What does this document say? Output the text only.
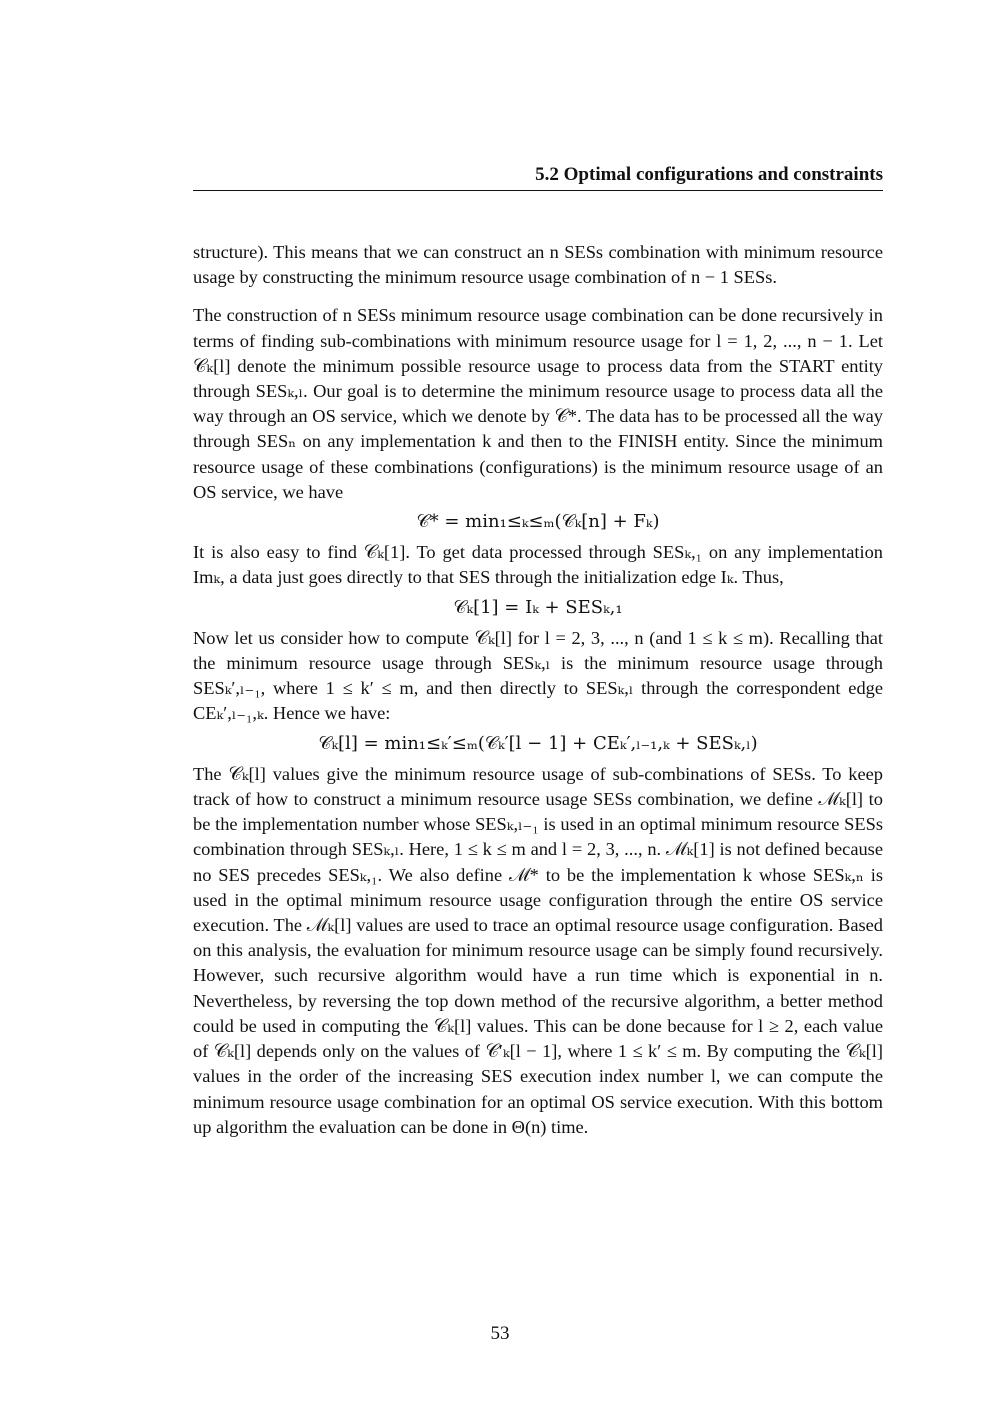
5.2 Optimal configurations and constraints

structure). This means that we can construct an n SESs combination with minimum resource usage by constructing the minimum resource usage combination of n − 1 SESs.

The construction of n SESs minimum resource usage combination can be done recursively in terms of finding sub-combinations with minimum resource usage for l = 1, 2, ..., n − 1. Let 𝒞ₖ[l] denote the minimum possible resource usage to process data from the START entity through SESₖ,ₗ. Our goal is to determine the minimum resource usage to process data all the way through an OS service, which we denote by 𝒞*. The data has to be processed all the way through SESₙ on any implementation k and then to the FINISH entity. Since the minimum resource usage of these combinations (configurations) is the minimum resource usage of an OS service, we have

𝒞* = min₁≤ₖ≤ₘ(𝒞ₖ[n] + Fₖ)

It is also easy to find 𝒞ₖ[1]. To get data processed through SESₖ,₁ on any implementation Imₖ, a data just goes directly to that SES through the initialization edge Iₖ. Thus,

𝒞ₖ[1] = Iₖ + SESₖ,₁

Now let us consider how to compute 𝒞ₖ[l] for l = 2, 3, ..., n (and 1 ≤ k ≤ m). Recalling that the minimum resource usage through SESₖ,ₗ is the minimum resource usage through SESₖ′,ₗ₋₁, where 1 ≤ k′ ≤ m, and then directly to SESₖ,ₗ through the correspondent edge CEₖ′,ₗ₋₁,ₖ. Hence we have:

𝒞ₖ[l] = min₁≤ₖ′≤ₘ(𝒞ₖ′[l − 1] + CEₖ′,ₗ₋₁,ₖ + SESₖ,ₗ)

The 𝒞ₖ[l] values give the minimum resource usage of sub-combinations of SESs. To keep track of how to construct a minimum resource usage SESs combination, we define ℳₖ[l] to be the implementation number whose SESₖ,ₗ₋₁ is used in an optimal minimum resource SESs combination through SESₖ,ₗ. Here, 1 ≤ k ≤ m and l = 2, 3, ..., n. ℳₖ[1] is not defined because no SES precedes SESₖ,₁. We also define ℳ* to be the implementation k whose SESₖ,ₙ is used in the optimal minimum resource usage configuration through the entire OS service execution. The ℳₖ[l] values are used to trace an optimal resource usage configuration. Based on this analysis, the evaluation for minimum resource usage can be simply found recursively. However, such recursive algorithm would have a run time which is exponential in n. Nevertheless, by reversing the top down method of the recursive algorithm, a better method could be used in computing the 𝒞ₖ[l] values. This can be done because for l ≥ 2, each value of 𝒞ₖ[l] depends only on the values of 𝒞′ₖ[l − 1], where 1 ≤ k′ ≤ m. By computing the 𝒞ₖ[l] values in the order of the increasing SES execution index number l, we can compute the minimum resource usage combination for an optimal OS service execution. With this bottom up algorithm the evaluation can be done in Θ(n) time.

53
